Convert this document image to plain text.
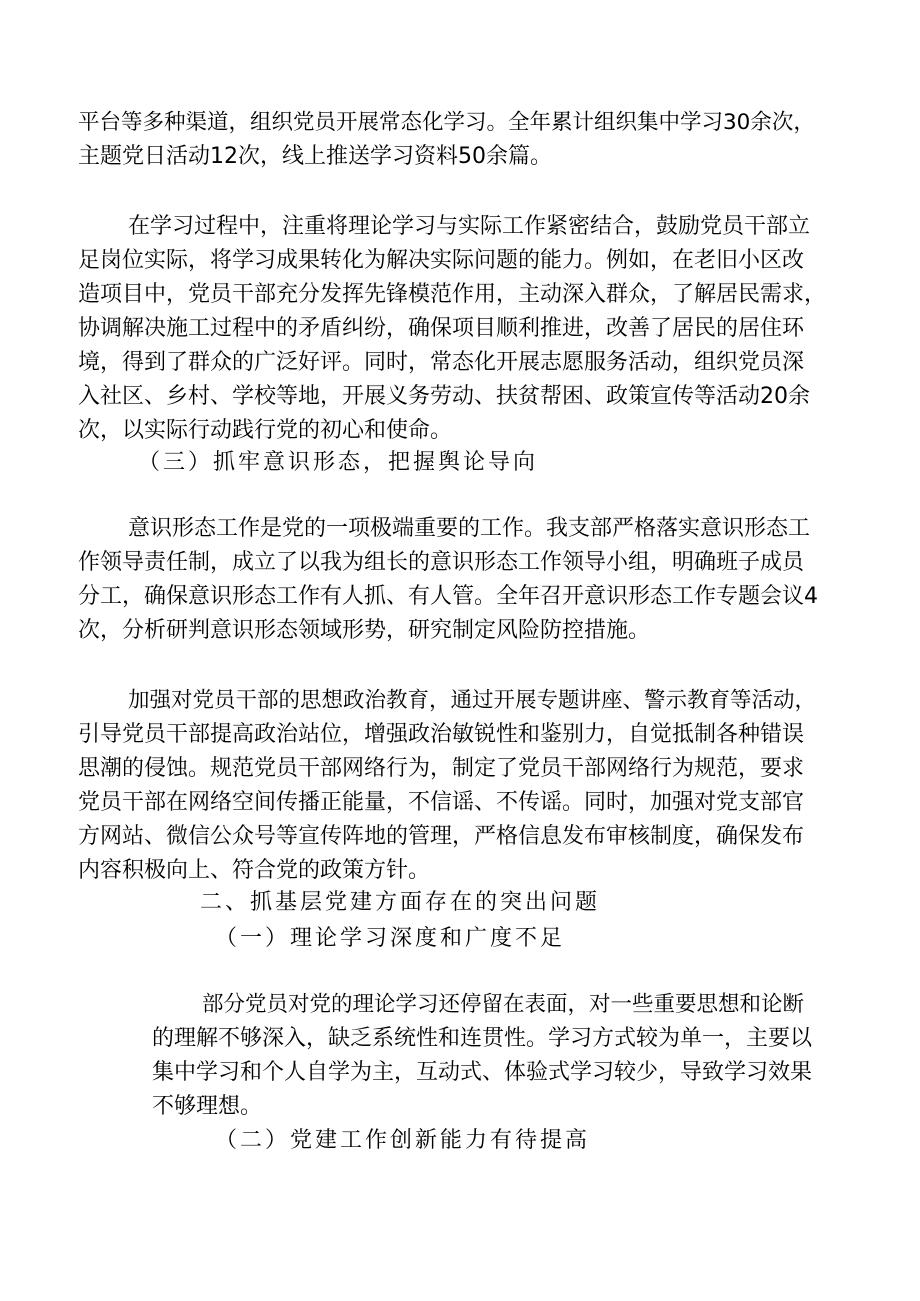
平台等多种渠道，组织党员开展常态化学习。全年累计组织集中学习30余次，
主题党日活动12次，线上推送学习资料50余篇。
在学习过程中，注重将理论学习与实际工作紧密结合，鼓励党员干部立
足岗位实际，将学习成果转化为解决实际问题的能力。例如，在老旧小区改
造项目中，党员干部充分发挥先锋模范作用，主动深入群众，了解居民需求，
协调解决施工过程中的矛盾纠纷，确保项目顺利推进，改善了居民的居住环
境，得到了群众的广泛好评。同时，常态化开展志愿服务活动，组织党员深
入社区、乡村、学校等地，开展义务劳动、扶贫帮困、政策宣传等活动20余
次，以实际行动践行党的初心和使命。
（三）抓牢意识形态，把握舆论导向
意识形态工作是党的一项极端重要的工作。我支部严格落实意识形态工
作领导责任制，成立了以我为组长的意识形态工作领导小组，明确班子成员
分工，确保意识形态工作有人抓、有人管。全年召开意识形态工作专题会议4
次，分析研判意识形态领域形势，研究制定风险防控措施。
加强对党员干部的思想政治教育，通过开展专题讲座、警示教育等活动，
引导党员干部提高政治站位，增强政治敏锐性和鉴别力，自觉抵制各种错误
思潮的侵蚀。规范党员干部网络行为，制定了党员干部网络行为规范，要求
党员干部在网络空间传播正能量，不信谣、不传谣。同时，加强对党支部官
方网站、微信公众号等宣传阵地的管理，严格信息发布审核制度，确保发布
内容积极向上、符合党的政策方针。
二、抓基层党建方面存在的突出问题
（一）理论学习深度和广度不足
部分党员对党的理论学习还停留在表面，对一些重要思想和论断
的理解不够深入，缺乏系统性和连贯性。学习方式较为单一，主要以
集中学习和个人自学为主，互动式、体验式学习较少，导致学习效果
不够理想。
（二）党建工作创新能力有待提高
